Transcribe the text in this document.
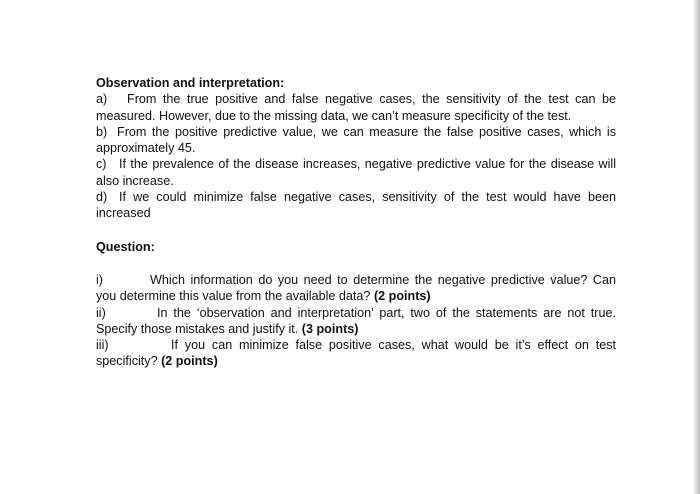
Observation and interpretation:

a) From the true positive and false negative cases, the sensitivity of the test can be measured. However, due to the missing data, we can’t measure specificity of the test.

b) From the positive predictive value, we can measure the false positive cases, which is approximately 45.

c) If the prevalence of the disease increases, negative predictive value for the disease will also increase.

d) If we could minimize false negative cases, sensitivity of the test would have been increased

Question:

i)	Which information do you need to determine the negative predictive value? Can you determine this value from the available data? (2 points)

ii)	In the ‘observation and interpretation’ part, two of the statements are not true. Specify those mistakes and justify it. (3 points)

iii)	If you can minimize false positive cases, what would be it’s effect on test specificity? (2 points)
